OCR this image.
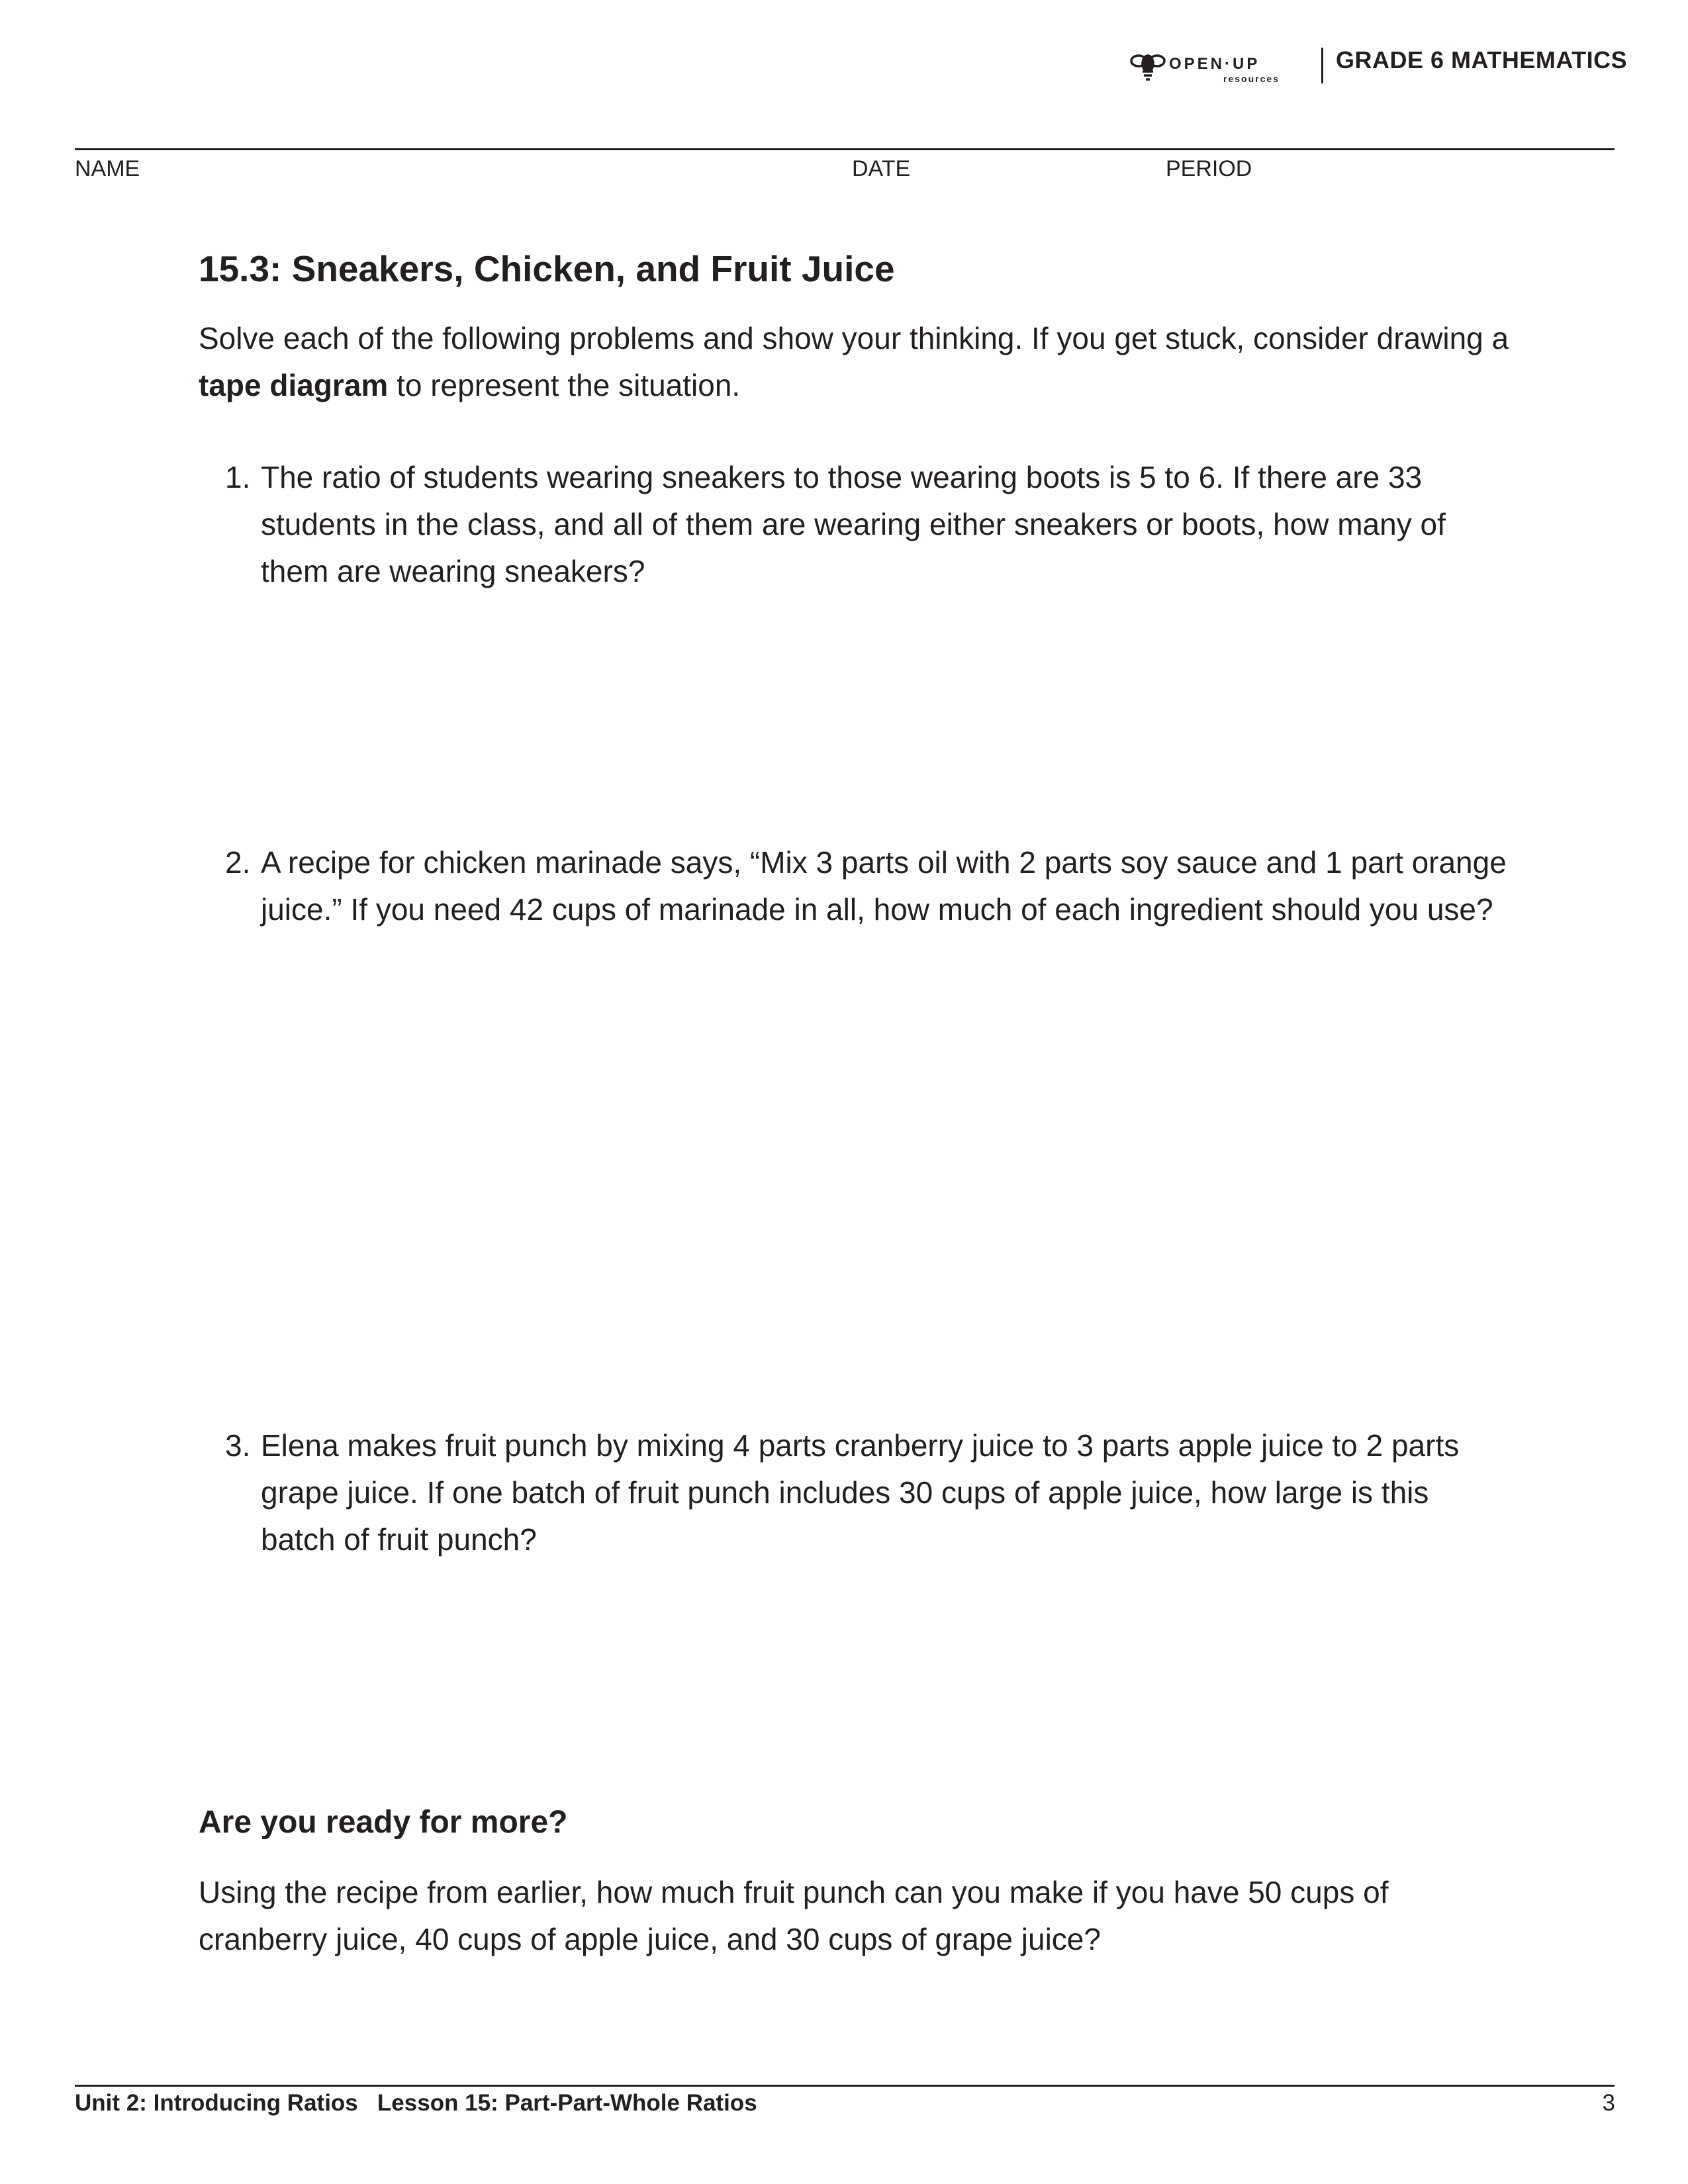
OPEN·UP
resources
GRADE 6 MATHEMATICS
NAME	DATE	PERIOD
15.3: Sneakers, Chicken, and Fruit Juice
Solve each of the following problems and show your thinking. If you get stuck, consider drawing a tape diagram to represent the situation.
1. The ratio of students wearing sneakers to those wearing boots is 5 to 6. If there are 33 students in the class, and all of them are wearing either sneakers or boots, how many of them are wearing sneakers?
2. A recipe for chicken marinade says, “Mix 3 parts oil with 2 parts soy sauce and 1 part orange juice.” If you need 42 cups of marinade in all, how much of each ingredient should you use?
3. Elena makes fruit punch by mixing 4 parts cranberry juice to 3 parts apple juice to 2 parts grape juice. If one batch of fruit punch includes 30 cups of apple juice, how large is this batch of fruit punch?
Are you ready for more?
Using the recipe from earlier, how much fruit punch can you make if you have 50 cups of cranberry juice, 40 cups of apple juice, and 30 cups of grape juice?
Unit 2: Introducing Ratios   Lesson 15: Part-Part-Whole Ratios	3
